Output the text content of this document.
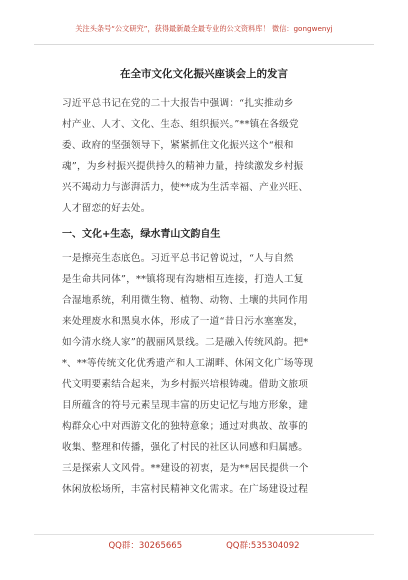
关注头条号“公文研究”，获得最新最全最专业的公文资料库！ 微信：gongwenyj
在全市文化文化振兴座谈会上的发言

习近平总书记在党的二十大报告中强调：“扎实推动乡
村产业、人才、文化、生态、组织振兴。”**镇在各级党
委、政府的坚强领导下，紧紧抓住文化振兴这个“根和
魂”，为乡村振兴提供持久的精神力量，持续激发乡村振
兴不竭动力与澎湃活力，使**成为生活幸福、产业兴旺、
人才留恋的好去处。

一、文化+生态，绿水青山文韵自生

一是擦亮生态底色。习近平总书记曾说过，“人与自然
是生命共同体”，**镇将现有沟塘相互连接，打造人工复
合湿地系统，利用微生物、植物、动物、土壤的共同作用
来处理废水和黑臭水体，形成了一道“昔日污水塞塞发，
如今清水绕人家”的靓丽风景线。二是融入传统风韵。把*
*、**等传统文化优秀遗产和人工湖畔、休闲文化广场等现
代文明要素结合起来，为乡村振兴培根铸魂。借助文旅项
目所蕴含的符号元素呈现丰富的历史记忆与地方形象，建
构群众心中对西游文化的独特意象；通过对典故、故事的
收集、整理和传播，强化了村民的社区认同感和归属感。
三是探索人文风骨。**建设的初衷，是为**居民提供一个
休闲放松场所，丰富村民精神文化需求。在广场建设过程

QQ群：30265665	QQ群:535304092
